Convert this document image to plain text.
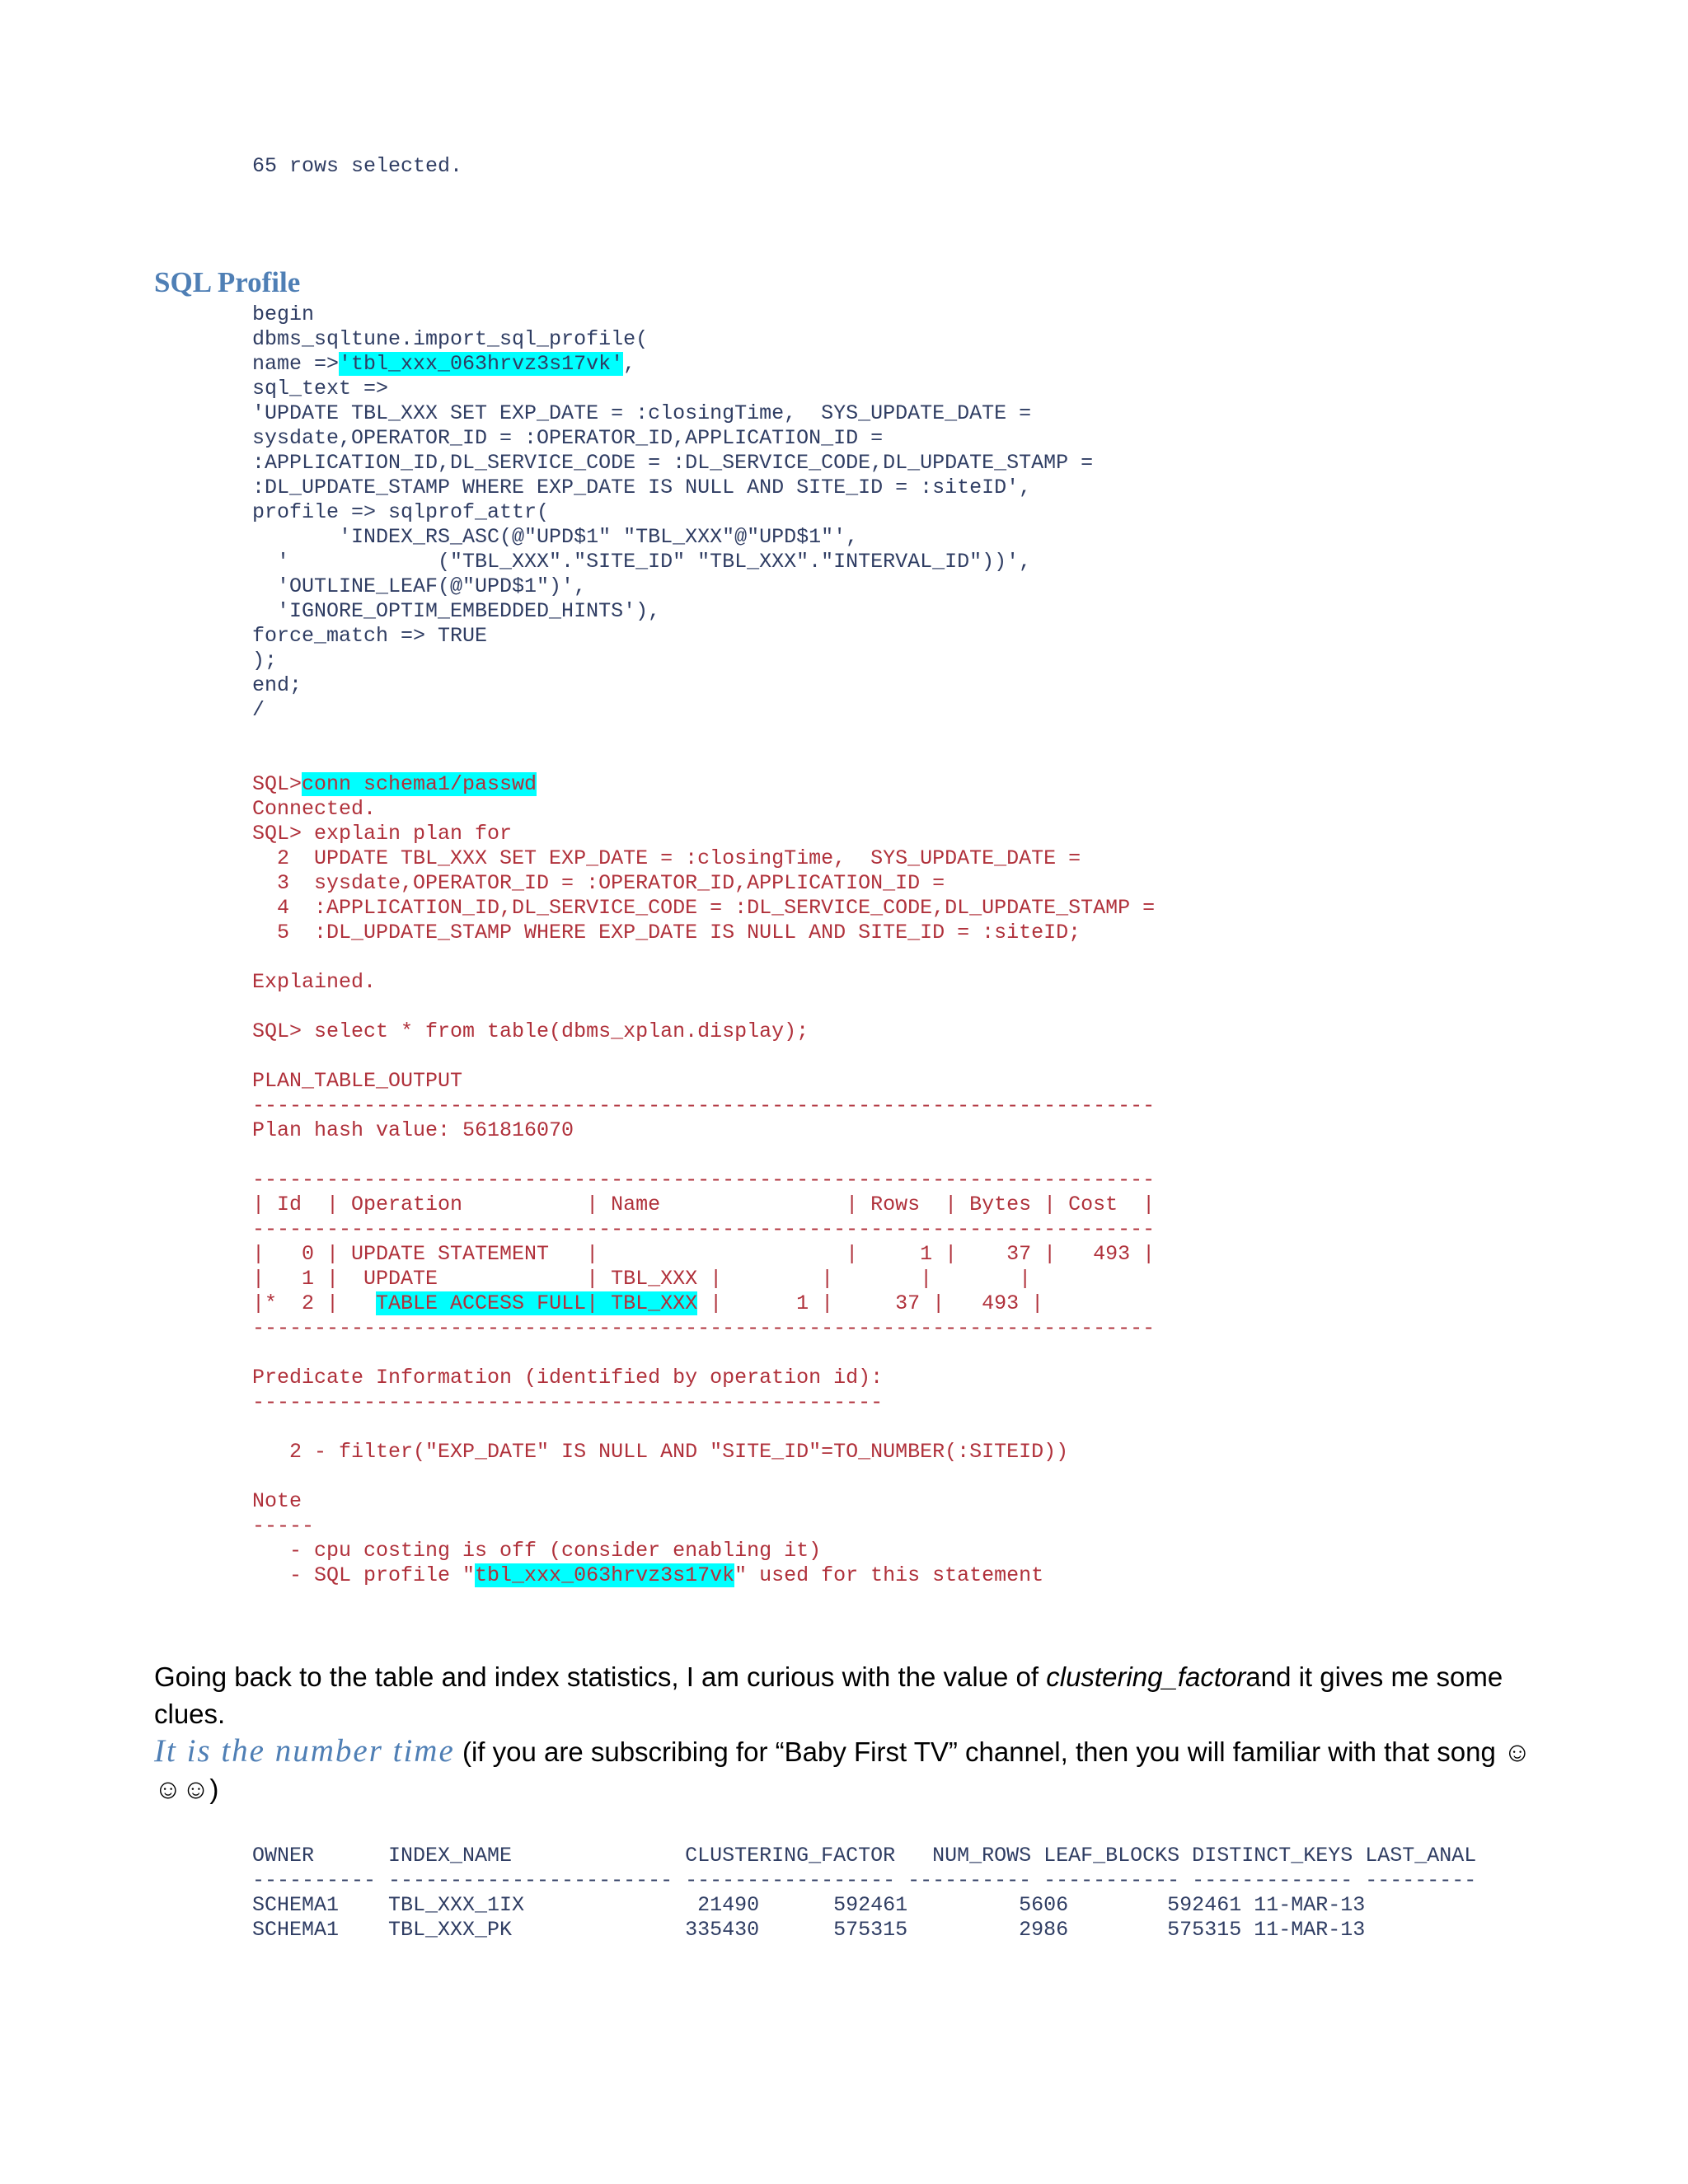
65 rows selected.
SQL Profile
begin
dbms_sqltune.import_sql_profile(
name =>'tbl_xxx_063hrvz3s17vk',
sql_text =>
'UPDATE TBL_XXX SET EXP_DATE = :closingTime,  SYS_UPDATE_DATE =
sysdate,OPERATOR_ID = :OPERATOR_ID,APPLICATION_ID =
:APPLICATION_ID,DL_SERVICE_CODE = :DL_SERVICE_CODE,DL_UPDATE_STAMP =
:DL_UPDATE_STAMP WHERE EXP_DATE IS NULL AND SITE_ID = :siteID',
profile => sqlprof_attr(
'INDEX_RS_ASC(@"UPD$1" "TBL_XXX"@"UPD$1"',
'            ("TBL_XXX"."SITE_ID" "TBL_XXX"."INTERVAL_ID"))',
'OUTLINE_LEAF(@"UPD$1")',
'IGNORE_OPTIM_EMBEDDED_HINTS'),
force_match => TRUE
);
end;
/
SQL>conn schema1/passwd
Connected.
SQL> explain plan for
2  UPDATE TBL_XXX SET EXP_DATE = :closingTime,  SYS_UPDATE_DATE =
3  sysdate,OPERATOR_ID = :OPERATOR_ID,APPLICATION_ID =
4  :APPLICATION_ID,DL_SERVICE_CODE = :DL_SERVICE_CODE,DL_UPDATE_STAMP =
5  :DL_UPDATE_STAMP WHERE EXP_DATE IS NULL AND SITE_ID = :siteID;

Explained.

SQL> select * from table(dbms_xplan.display);

PLAN_TABLE_OUTPUT
-------------------------------------------------------------------------
Plan hash value: 561816070

-------------------------------------------------------------------------
| Id  | Operation          | Name               | Rows  | Bytes | Cost  |
-------------------------------------------------------------------------
|   0 | UPDATE STATEMENT   |                    |     1 |    37 |   493 |
|   1 |  UPDATE            | TBL_XXX |        |       |       |
|*  2 |   TABLE ACCESS FULL| TBL_XXX |      1 |     37 |   493 |
-------------------------------------------------------------------------

Predicate Information (identified by operation id):
---------------------------------------------------

2 - filter("EXP_DATE" IS NULL AND "SITE_ID"=TO_NUMBER(:SITEID))

Note
-----
- cpu costing is off (consider enabling it)
- SQL profile "tbl_xxx_063hrvz3s17vk" used for this statement

Going back to the table and index statistics, I am curious with the value of clustering_factorand it gives me some clues.

It is the number time (if you are subscribing for “Baby First TV” channel, then you will familiar with that song ☺☺☺)

OWNER      INDEX_NAME              CLUSTERING_FACTOR   NUM_ROWS LEAF_BLOCKS DISTINCT_KEYS LAST_ANAL
---------- ----------------------- ----------------- ---------- ----------- ------------- ---------
SCHEMA1    TBL_XXX_1IX              21490      592461         5606        592461 11-MAR-13
SCHEMA1    TBL_XXX_PK              335430      575315         2986        575315 11-MAR-13
